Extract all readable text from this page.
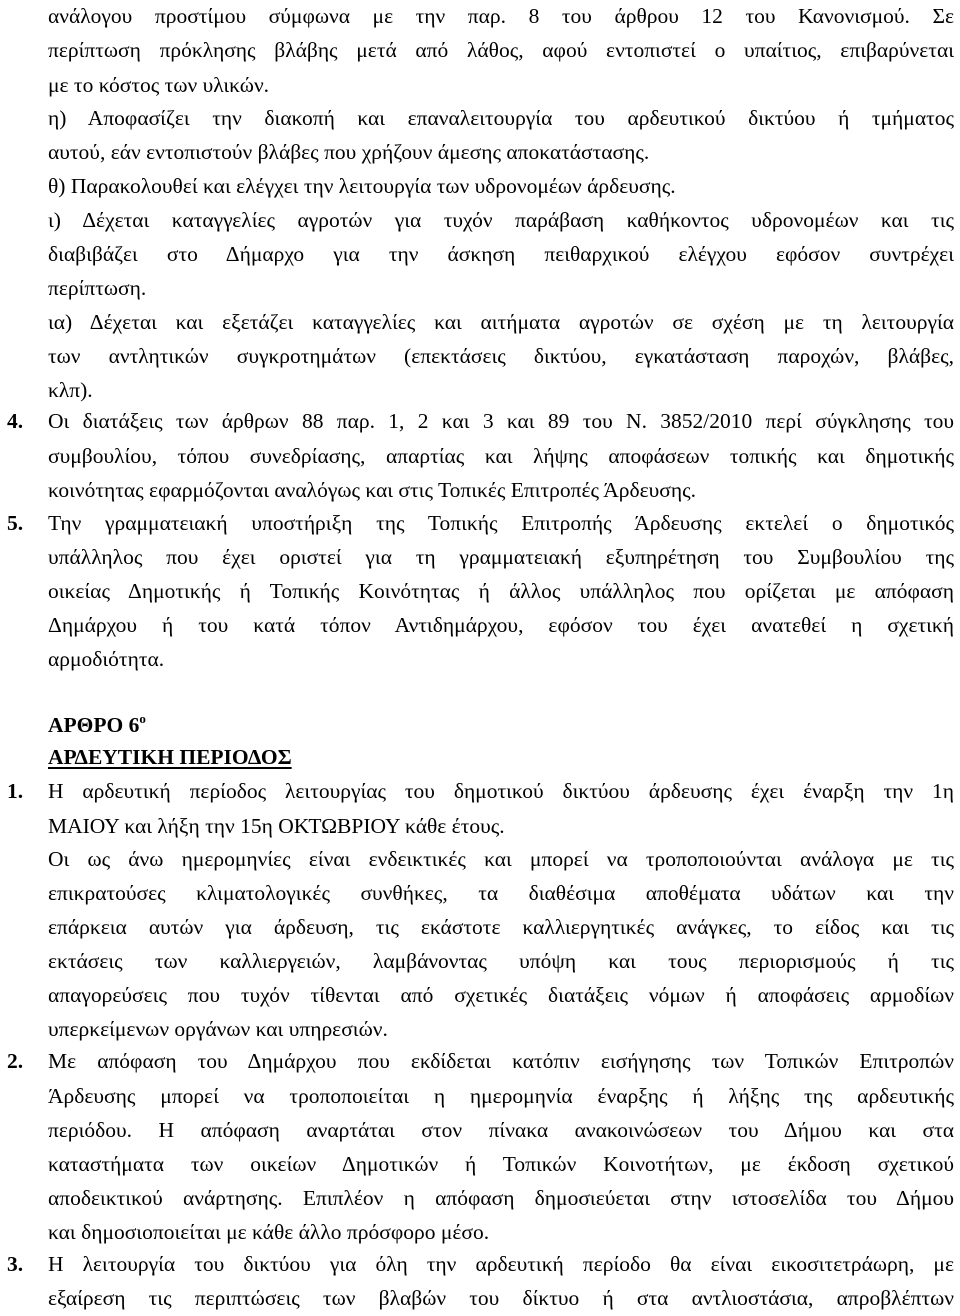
ανάλογου προστίμου σύμφωνα με την παρ. 8 του άρθρου 12 του Κανονισμού. Σε
περίπτωση πρόκλησης βλάβης μετά από λάθος, αφού εντοπιστεί ο υπαίτιος, επιβαρύνεται
με το κόστος των υλικών.
η) Αποφασίζει την διακοπή και επαναλειτουργία του αρδευτικού δικτύου ή τμήματος
αυτού, εάν εντοπιστούν βλάβες που χρήζουν άμεσης αποκατάστασης.
θ) Παρακολουθεί και ελέγχει την λειτουργία των υδρονομέων άρδευσης.
ι) Δέχεται καταγγελίες αγροτών για τυχόν παράβαση καθήκοντος υδρονομέων και τις
διαβιβάζει στο Δήμαρχο για την άσκηση πειθαρχικού ελέγχου εφόσον συντρέχει
περίπτωση.
ια) Δέχεται και εξετάζει καταγγελίες και αιτήματα αγροτών σε σχέση με τη λειτουργία
των αντλητικών συγκροτημάτων (επεκτάσεις δικτύου, εγκατάσταση παροχών, βλάβες,
κλπ).
4.	Οι διατάξεις των άρθρων 88 παρ. 1, 2 και 3 και 89 του Ν. 3852/2010 περί σύγκλησης του
συμβουλίου, τόπου συνεδρίασης, απαρτίας και λήψης αποφάσεων τοπικής και δημοτικής
κοινότητας εφαρμόζονται αναλόγως και στις Τοπικές Επιτροπές Άρδευσης.
5.	Την γραμματειακή υποστήριξη της Τοπικής Επιτροπής Άρδευσης εκτελεί ο δημοτικός
υπάλληλος που έχει οριστεί για τη γραμματειακή εξυπηρέτηση του Συμβουλίου της
οικείας Δημοτικής ή Τοπικής Κοινότητας ή άλλος υπάλληλος που ορίζεται με απόφαση
Δημάρχου ή του κατά τόπον Αντιδημάρχου, εφόσον του έχει ανατεθεί η σχετική
αρμοδιότητα.
ΑΡΘΡΟ $6^o$
ΑΡΔΕΥΤΙΚΗ ΠΕΡΙΟΔΟΣ
1.	Η αρδευτική περίοδος λειτουργίας του δημοτικού δικτύου άρδευσης έχει έναρξη την 1η
ΜΑΙΟΥ και λήξη την 15η ΟΚΤΩΒΡΙΟΥ κάθε έτους.
Οι ως άνω ημερομηνίες είναι ενδεικτικές και μπορεί να τροποποιούνται ανάλογα με τις
επικρατούσες κλιματολογικές συνθήκες, τα διαθέσιμα αποθέματα υδάτων και την
επάρκεια αυτών για άρδευση, τις εκάστοτε καλλιεργητικές ανάγκες, το είδος και τις
εκτάσεις των καλλιεργειών, λαμβάνοντας υπόψη και τους περιορισμούς ή τις
απαγορεύσεις που τυχόν τίθενται από σχετικές διατάξεις νόμων ή αποφάσεις αρμοδίων
υπερκείμενων οργάνων και υπηρεσιών.
2.	Με απόφαση του Δημάρχου που εκδίδεται κατόπιν εισήγησης των Τοπικών Επιτροπών
Άρδευσης μπορεί να τροποποιείται η ημερομηνία έναρξης ή λήξης της αρδευτικής
περιόδου. Η απόφαση αναρτάται στον πίνακα ανακοινώσεων του Δήμου και στα
καταστήματα των οικείων Δημοτικών ή Τοπικών Κοινοτήτων, με έκδοση σχετικού
αποδεικτικού ανάρτησης. Επιπλέον η απόφαση δημοσιεύεται στην ιστοσελίδα του Δήμου
και δημοσιοποιείται με κάθε άλλο πρόσφορο μέσο.
3.	Η λειτουργία του δικτύου για όλη την αρδευτική περίοδο θα είναι εικοσιτετράωρη, με
εξαίρεση τις περιπτώσεις των βλαβών του δίκτυο ή στα αντλιοστάσια, απροβλέπτων
